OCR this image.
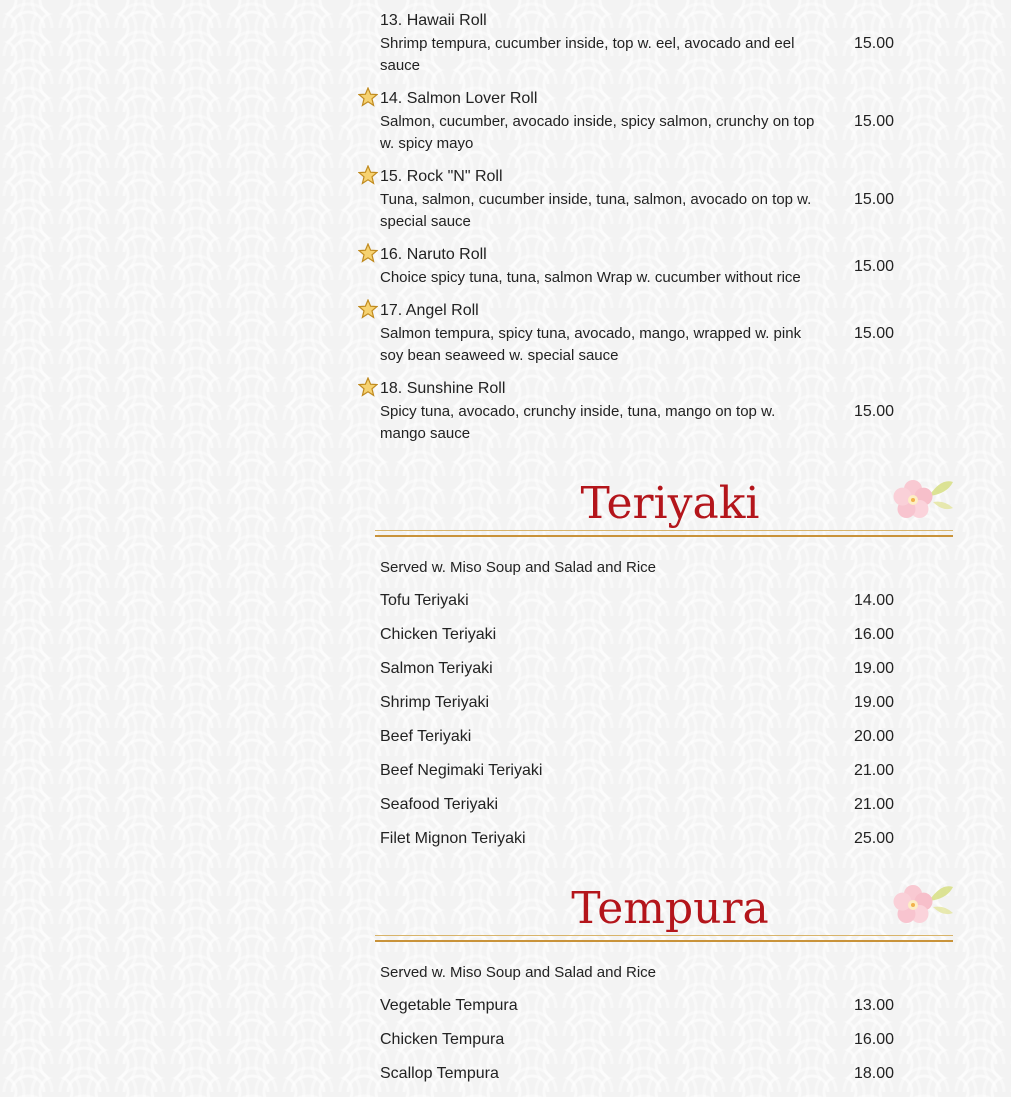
13. Hawaii Roll
Shrimp tempura, cucumber inside, top w. eel, avocado and eel sauce
15.00
14. Salmon Lover Roll
Salmon, cucumber, avocado inside, spicy salmon, crunchy on top w. spicy mayo
15.00
15. Rock "N" Roll
Tuna, salmon, cucumber inside, tuna, salmon, avocado on top w. special sauce
15.00
16. Naruto Roll
Choice spicy tuna, tuna, salmon Wrap w. cucumber without rice
15.00
17. Angel Roll
Salmon tempura, spicy tuna, avocado, mango, wrapped w. pink soy bean seaweed w. special sauce
15.00
18. Sunshine Roll
Spicy tuna, avocado, crunchy inside, tuna, mango on top w. mango sauce
15.00
Teriyaki
Served w. Miso Soup and Salad and Rice
Tofu Teriyaki	14.00
Chicken Teriyaki	16.00
Salmon Teriyaki	19.00
Shrimp Teriyaki	19.00
Beef Teriyaki	20.00
Beef Negimaki Teriyaki	21.00
Seafood Teriyaki	21.00
Filet Mignon Teriyaki	25.00
Tempura
Served w. Miso Soup and Salad and Rice
Vegetable Tempura	13.00
Chicken Tempura	16.00
Scallop Tempura	18.00
